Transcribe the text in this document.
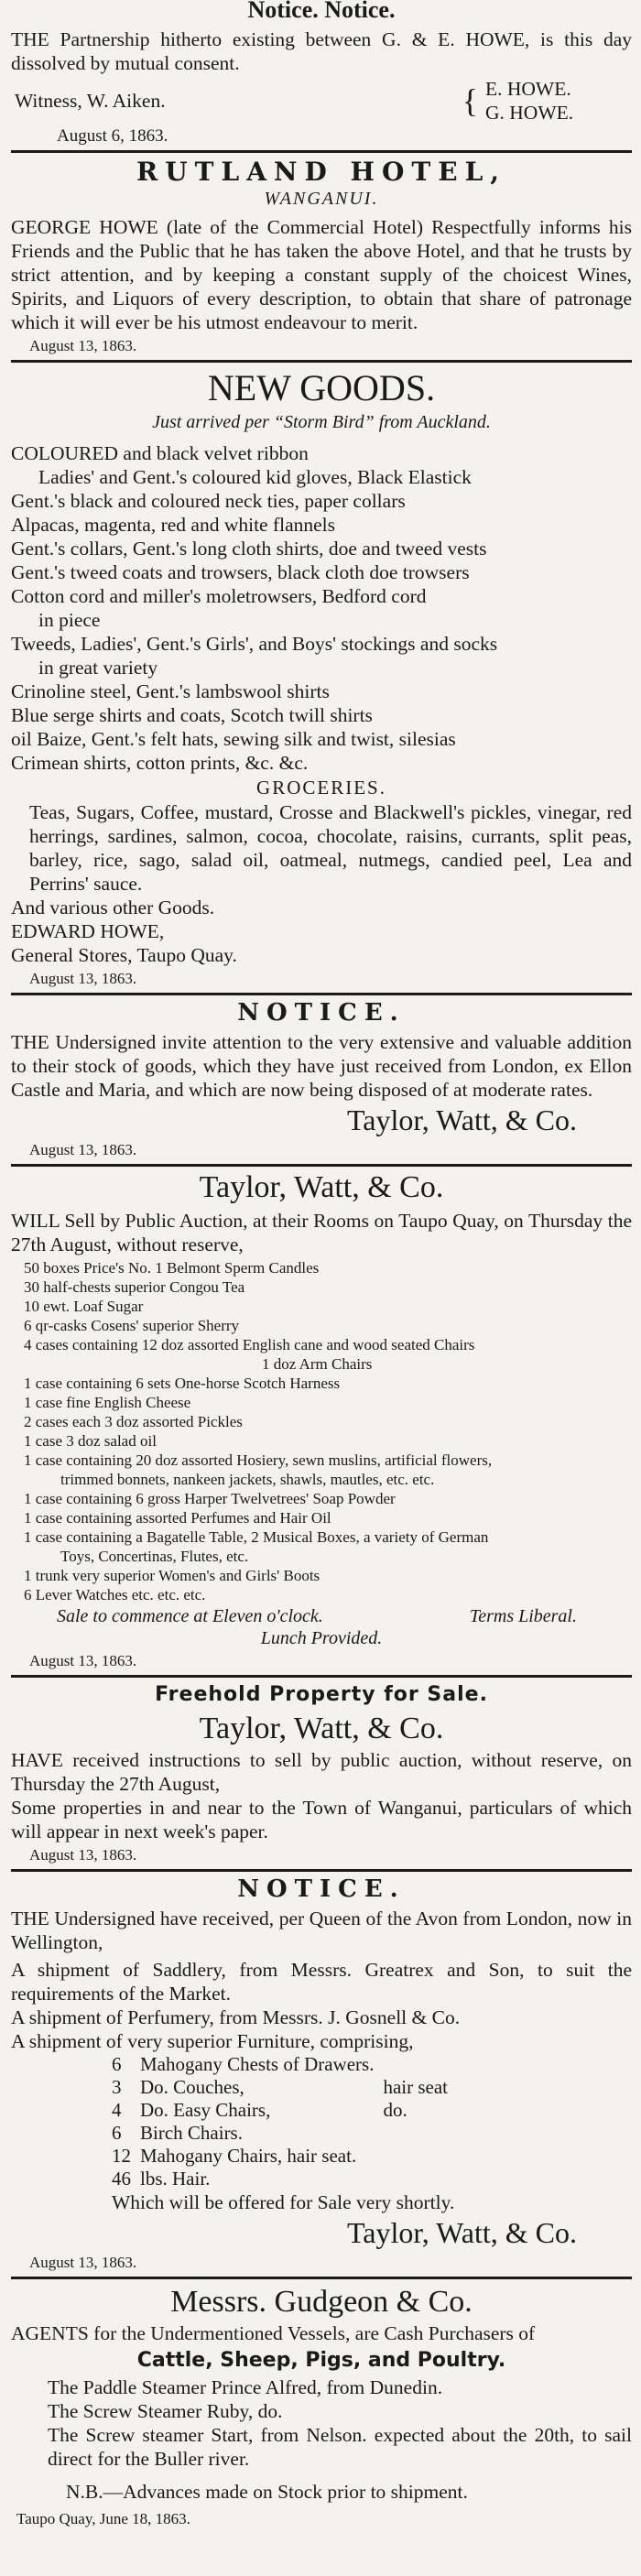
Notice. Notice.

THE Partnership hitherto existing between G. & E. HOWE, is this day dissolved by mutual consent.

Witness, W. Aiken.	{ E. HOWE.
G. HOWE.

August 6, 1863.

RUTLAND HOTEL,
WANGANUI.

GEORGE HOWE (late of the Commercial Hotel) Respectfully informs his Friends and the Public that he has taken the above Hotel, and that he trusts by strict attention, and by keeping a constant supply of the choicest Wines, Spirits, and Liquors of every description, to obtain that share of patronage which it will ever be his utmost endeavour to merit.

August 13, 1863.

NEW GOODS.
Just arrived per “Storm Bird” from Auckland.

COLOURED and black velvet ribbon

Ladies' and Gent.'s coloured kid gloves, Black Elastick

Gent.'s black and coloured neck ties, paper collars

Alpacas, magenta, red and white flannels

Gent.'s collars, Gent.'s long cloth shirts, doe and tweed vests

Gent.'s tweed coats and trowsers, black cloth doe trowsers

Cotton cord and miller's moletrowsers, Bedford cord

in piece

Tweeds, Ladies', Gent.'s Girls', and Boys' stockings and socks

in great variety

Crinoline steel, Gent.'s lambswool shirts

Blue serge shirts and coats, Scotch twill shirts

oil Baize, Gent.'s felt hats, sewing silk and twist, silesias

Crimean shirts, cotton prints, &c. &c.

GROCERIES.

Teas, Sugars, Coffee, mustard, Crosse and Blackwell's pickles, vinegar, red herrings, sardines, salmon, cocoa, chocolate, raisins, currants, split peas, barley, rice, sago, salad oil, oatmeal, nutmegs, candied peel, Lea and Perrins' sauce.

And various other Goods.
EDWARD HOWE,
General Stores, Taupo Quay.

August 13, 1863.

NOTICE.

THE Undersigned invite attention to the very extensive and valuable addition to their stock of goods, which they have just received from London, ex Ellon Castle and Maria, and which are now being disposed of at moderate rates.

Taylor, Watt, & Co.

August 13, 1863.

Taylor, Watt, & Co.

WILL Sell by Public Auction, at their Rooms on Taupo Quay, on Thursday the 27th August, without reserve,

50 boxes Price's No. 1 Belmont Sperm Candles

30 half-chests superior Congou Tea

10 ewt. Loaf Sugar

6 qr-casks Cosens' superior Sherry

4 cases containing 12 doz assorted English cane and wood seated Chairs

1 doz Arm Chairs

1 case containing 6 sets One-horse Scotch Harness

1 case fine English Cheese

2 cases each 3 doz assorted Pickles

1 case 3 doz salad oil

1 case containing 20 doz assorted Hosiery, sewn muslins, artificial flowers,

trimmed bonnets, nankeen jackets, shawls, mautles, etc. etc.

1 case containing 6 gross Harper Twelvetrees' Soap Powder

1 case containing assorted Perfumes and Hair Oil

1 case containing a Bagatelle Table, 2 Musical Boxes, a variety of German

Toys, Concertinas, Flutes, etc.

1 trunk very superior Women's and Girls' Boots

6 Lever Watches etc. etc. etc.

Sale to commence at Eleven o'clock.	Terms Liberal.
Lunch Provided.

August 13, 1863.

Freehold Property for Sale.
Taylor, Watt, & Co.

HAVE received instructions to sell by public auction, without reserve, on Thursday the 27th August,

Some properties in and near to the Town of Wanganui, particulars of which will appear in next week's paper.

August 13, 1863.

NOTICE.

THE Undersigned have received, per Queen of the Avon from London, now in Wellington,

A shipment of Saddlery, from Messrs. Greatrex and Son, to suit the requirements of the Market.

A shipment of Perfumery, from Messrs. J. Gosnell & Co.

A shipment of very superior Furniture, comprising,

6	Mahogany Chests of Drawers.	
3	Do. Couches,	hair seat
4	Do. Easy Chairs,	do.
6	Birch Chairs.	
12	Mahogany Chairs, hair seat.	
46	lbs. Hair.	

Which will be offered for Sale very shortly.

Taylor, Watt, & Co.

August 13, 1863.

Messrs. Gudgeon & Co.

AGENTS for the Undermentioned Vessels, are Cash Purchasers of

Cattle, Sheep, Pigs, and Poultry.

The Paddle Steamer Prince Alfred, from Dunedin.

The Screw Steamer Ruby, do.

The Screw steamer Start, from Nelson. expected about the 20th, to sail direct for the Buller river.

N.B.—Advances made on Stock prior to shipment.

Taupo Quay, June 18, 1863.
